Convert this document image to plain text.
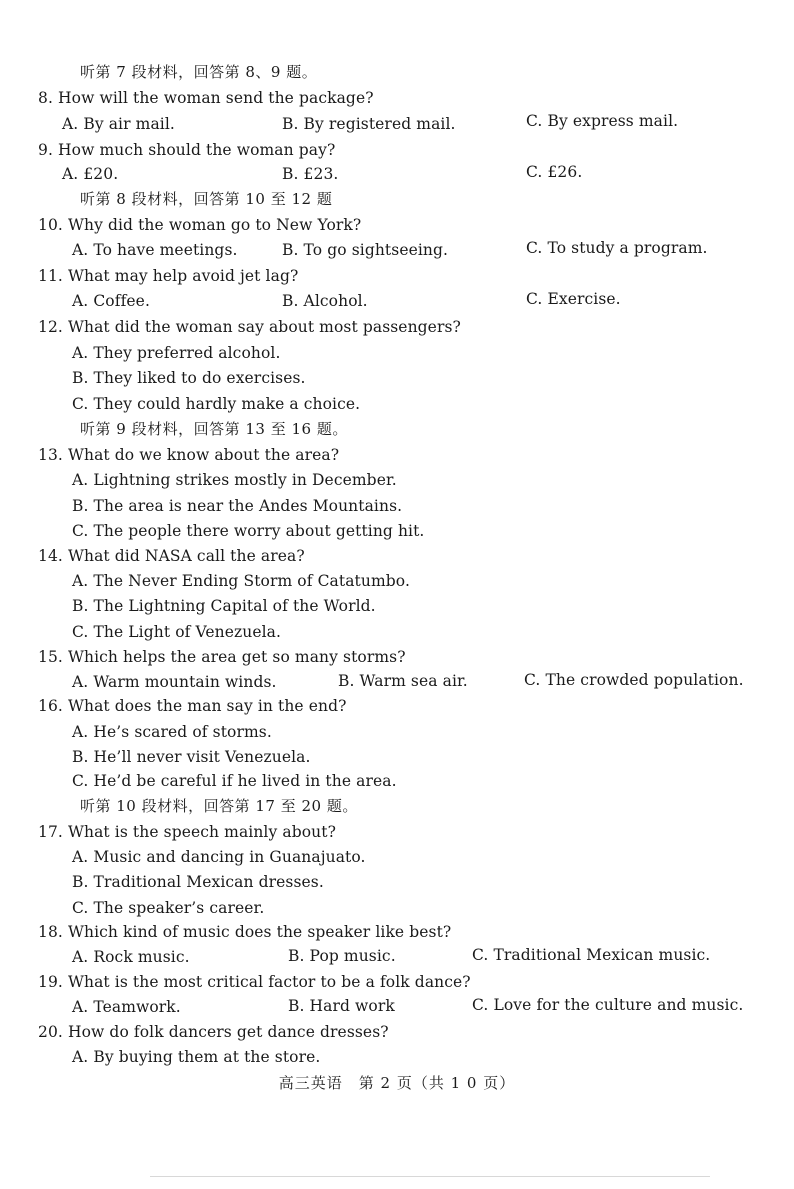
听第 7 段材料，回答第 8、9 题。
8. How will the woman send the package?
A. By air mail.	B. By registered mail.	C. By express mail.
9. How much should the woman pay?
A. £20.	B. £23.	C. £26.
听第 8 段材料，回答第 10 至 12 题
10. Why did the woman go to New York?
A. To have meetings.	B. To go sightseeing.	C. To study a program.
11. What may help avoid jet lag?
A. Coffee.	B. Alcohol.	C. Exercise.
12. What did the woman say about most passengers?
A. They preferred alcohol.
B. They liked to do exercises.
C. They could hardly make a choice.
听第 9 段材料，回答第 13 至 16 题。
13. What do we know about the area?
A. Lightning strikes mostly in December.
B. The area is near the Andes Mountains.
C. The people there worry about getting hit.
14. What did NASA call the area?
A. The Never Ending Storm of Catatumbo.
B. The Lightning Capital of the World.
C. The Light of Venezuela.
15. Which helps the area get so many storms?
A. Warm mountain winds.	B. Warm sea air.	C. The crowded population.
16. What does the man say in the end?
A. He’s scared of storms.
B. He’ll never visit Venezuela.
C. He’d be careful if he lived in the area.
听第 10 段材料，回答第 17 至 20 题。
17. What is the speech mainly about?
A. Music and dancing in Guanajuato.
B. Traditional Mexican dresses.
C. The speaker’s career.
18. Which kind of music does the speaker like best?
A. Rock music.	B. Pop music.	C. Traditional Mexican music.
19. What is the most critical factor to be a folk dance?
A. Teamwork.	B. Hard work	C. Love for the culture and music.
20. How do folk dancers get dance dresses?
A. By buying them at the store.
高三英语　第 2 页（共 1 0 页）
